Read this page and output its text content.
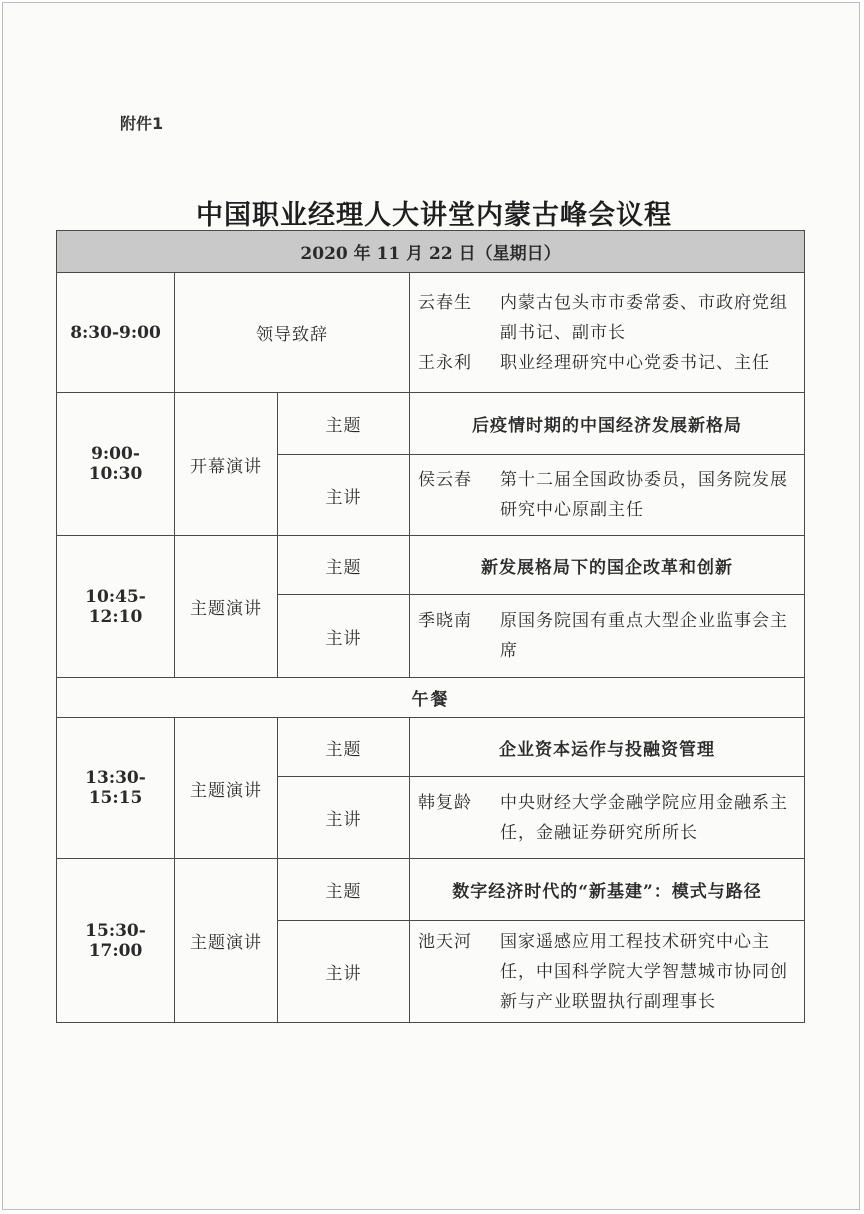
附件1
中国职业经理人大讲堂内蒙古峰会议程
2020 年 11 月 22 日（星期日）			
8:30-9:00	领导致辞		云春生 内蒙古包头市市委常委、市政府党组副书记、副市长
王永利 职业经理研究中心党委书记、主任

9:00-10:30	开幕演讲	主题	后疫情时期的中国经济发展新格局
		主讲	侯云春 第十二届全国政协委员，国务院发展研究中心原副主任

10:45-12:10	主题演讲	主题	新发展格局下的国企改革和创新
		主讲	季晓南 原国务院国有重点大型企业监事会主席

午餐			
13:30-15:15	主题演讲	主题	企业资本运作与投融资管理
		主讲	韩复龄 中央财经大学金融学院应用金融系主任，金融证券研究所所长

15:30-17:00	主题演讲	主题	数字经济时代的“新基建”：模式与路径
		主讲	池天河 国家遥感应用工程技术研究中心主任，中国科学院大学智慧城市协同创新与产业联盟执行副理事长
